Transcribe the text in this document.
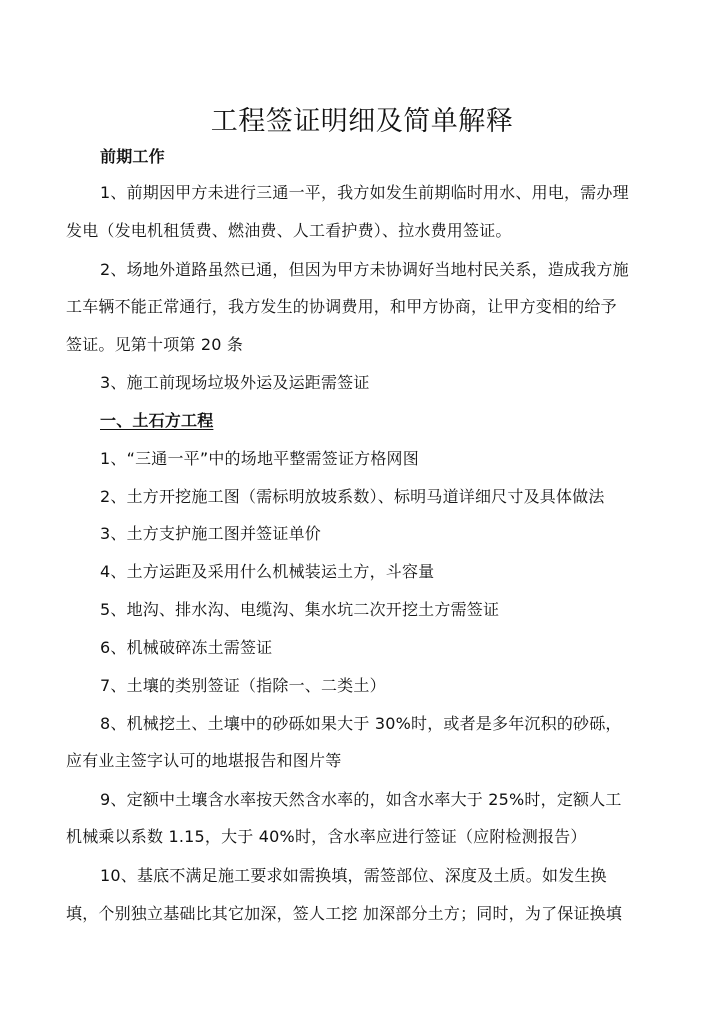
工程签证明细及简单解释
前期工作
1、前期因甲方未进行三通一平，我方如发生前期临时用水、用电，需办理
发电（发电机租赁费、燃油费、人工看护费）、拉水费用签证。
2、场地外道路虽然已通，但因为甲方未协调好当地村民关系，造成我方施
工车辆不能正常通行，我方发生的协调费用，和甲方协商，让甲方变相的给予
签证。见第十项第 20 条
3、施工前现场垃圾外运及运距需签证
一、土石方工程
1、“三通一平”中的场地平整需签证方格网图
2、土方开挖施工图（需标明放坡系数）、标明马道详细尺寸及具体做法
3、土方支护施工图并签证单价
4、土方运距及采用什么机械装运土方，斗容量
5、地沟、排水沟、电缆沟、集水坑二次开挖土方需签证
6、机械破碎冻土需签证
7、土壤的类别签证（指除一、二类土）
8、机械挖土、土壤中的砂砾如果大于 30%时，或者是多年沉积的砂砾，
应有业主签字认可的地堪报告和图片等
9、定额中土壤含水率按天然含水率的，如含水率大于 25%时，定额人工
机械乘以系数 1.15，大于 40%时，含水率应进行签证（应附检测报告）
10、基底不满足施工要求如需换填，需签部位、深度及土质。如发生换
填，个别独立基础比其它加深，签人工挖 加深部分土方；同时，为了保证换填
